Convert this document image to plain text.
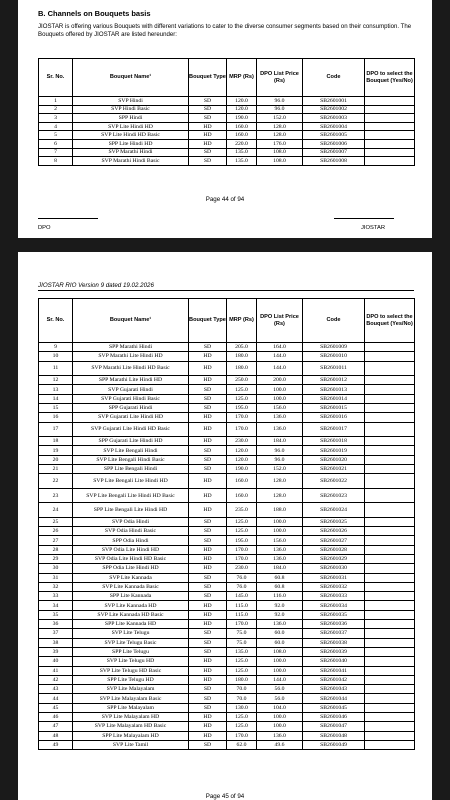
B. Channels on Bouquets basis
JIOSTAR is offering various Bouquets with different variations to cater to the diverse consumer segments based on their consumption. The Bouquets offered by JIOSTAR are listed hereunder:
Sr. No.	Bouquet Name¹	Bouquet Type	MRP (Rs)	DPO List Price (Rs)	Code	DPO to select the Bouquet (Yes/No)
1	SVP Hindi	SD	120.0	96.0	SB2601001	
2	SVP Hindi Basic	SD	120.0	96.0	SB2601002	
3	SPP Hindi	SD	190.0	152.0	SB2601003	
4	SVP Lite Hindi HD	HD	160.0	128.0	SB2601004	
5	SVP Lite Hindi HD Basic	HD	160.0	128.0	SB2601005	
6	SPP Lite Hindi HD	HD	220.0	176.0	SB2601006	
7	SVP Marathi Hindi	SD	135.0	108.0	SB2601007	
8	SVP Marathi Hindi Basic	SD	135.0	108.0	SB2601008	
Page 44 of 94
DPO	JIOSTAR
JIOSTAR RIO Version 9 dated 19.02.2026
Sr. No.	Bouquet Name¹	Bouquet Type	MRP (Rs)	DPO List Price (Rs)	Code	DPO to select the Bouquet (Yes/No)
9	SPP Marathi Hindi	SD	205.0	164.0	SB2601009	
10	SVP Marathi Lite Hindi HD	HD	180.0	144.0	SB2601010	
11	SVP Marathi Lite Hindi HD Basic	HD	180.0	144.0	SB2601011	
12	SPP Marathi Lite Hindi HD	HD	250.0	200.0	SB2601012	
13	SVP Gujarati Hindi	SD	125.0	100.0	SB2601013	
14	SVP Gujarati Hindi Basic	SD	125.0	100.0	SB2601014	
15	SPP Gujarati Hindi	SD	195.0	156.0	SB2601015	
16	SVP Gujarati Lite Hindi HD	HD	170.0	136.0	SB2601016	
17	SVP Gujarati Lite Hindi HD Basic	HD	170.0	136.0	SB2601017	
18	SPP Gujarati Lite Hindi HD	HD	230.0	184.0	SB2601018	
19	SVP Lite Bengali Hindi	SD	120.0	96.0	SB2601019	
20	SVP Lite Bengali Hindi Basic	SD	120.0	96.0	SB2601020	
21	SPP Lite Bengali Hindi	SD	190.0	152.0	SB2601021	
22	SVP Lite Bengali Lite Hindi HD	HD	160.0	128.0	SB2601022	
23	SVP Lite Bengali Lite Hindi HD Basic	HD	160.0	128.0	SB2601023	
24	SPP Lite Bengali Lite Hindi HD	HD	235.0	188.0	SB2601024	
25	SVP Odia Hindi	SD	125.0	100.0	SB2601025	
26	SVP Odia Hindi Basic	SD	125.0	100.0	SB2601026	
27	SPP Odia Hindi	SD	195.0	156.0	SB2601027	
28	SVP Odia Lite Hindi HD	HD	170.0	136.0	SB2601028	
29	SVP Odia Lite Hindi HD Basic	HD	170.0	136.0	SB2601029	
30	SPP Odia Lite Hindi HD	HD	230.0	184.0	SB2601030	
31	SVP Lite Kannada	SD	76.0	60.8	SB2601031	
32	SVP Lite Kannada Basic	SD	76.0	60.8	SB2601032	
33	SPP Lite Kannada	SD	145.0	116.0	SB2601033	
34	SVP Lite Kannada HD	HD	115.0	92.0	SB2601034	
35	SVP Lite Kannada HD Basic	HD	115.0	92.0	SB2601035	
36	SPP Lite Kannada HD	HD	170.0	136.0	SB2601036	
37	SVP Lite Telugu	SD	75.0	60.0	SB2601037	
38	SVP Lite Telugu Basic	SD	75.0	60.0	SB2601038	
39	SPP Lite Telugu	SD	135.0	108.0	SB2601039	
40	SVP Lite Telugu HD	HD	125.0	100.0	SB2601040	
41	SVP Lite Telugu HD Basic	HD	125.0	100.0	SB2601041	
42	SPP Lite Telugu HD	HD	180.0	144.0	SB2601042	
43	SVP Lite Malayalam	SD	70.0	56.0	SB2601043	
44	SVP Lite Malayalam Basic	SD	70.0	56.0	SB2601044	
45	SPP Lite Malayalam	SD	130.0	104.0	SB2601045	
46	SVP Lite Malayalam HD	HD	125.0	100.0	SB2601046	
47	SVP Lite Malayalam HD Basic	HD	125.0	100.0	SB2601047	
48	SPP Lite Malayalam HD	HD	170.0	136.0	SB2601048	
49	SVP Lite Tamil	SD	62.0	49.6	SB2601049	
Page 45 of 94
